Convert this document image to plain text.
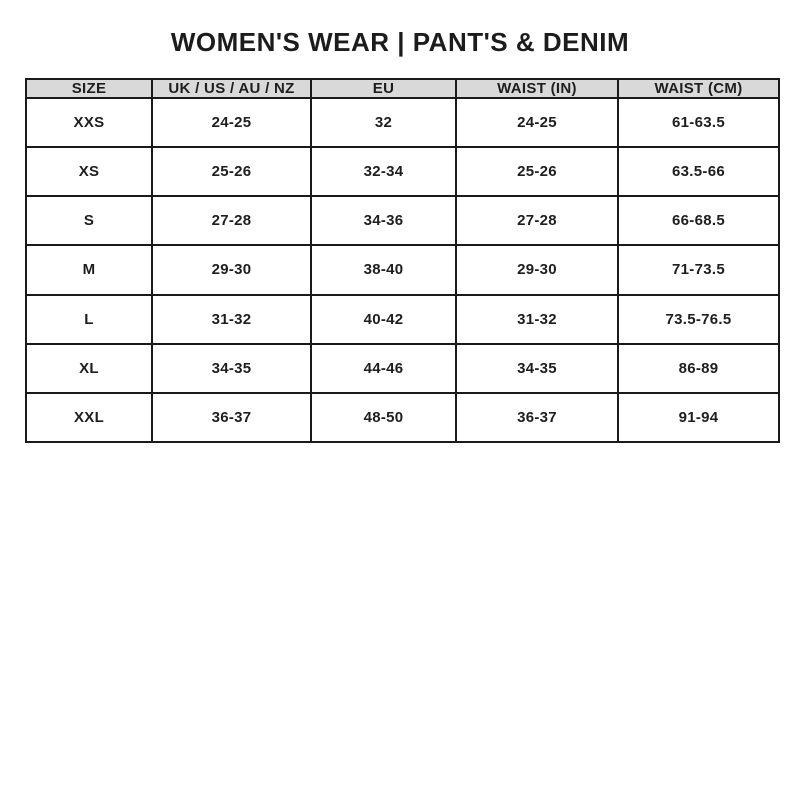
WOMEN'S WEAR | PANT'S & DENIM
SIZE	UK / US / AU / NZ	EU	WAIST (IN)	WAIST (CM)
XXS	24-25	32	24-25	61-63.5
XS	25-26	32-34	25-26	63.5-66
S	27-28	34-36	27-28	66-68.5
M	29-30	38-40	29-30	71-73.5
L	31-32	40-42	31-32	73.5-76.5
XL	34-35	44-46	34-35	86-89
XXL	36-37	48-50	36-37	91-94
